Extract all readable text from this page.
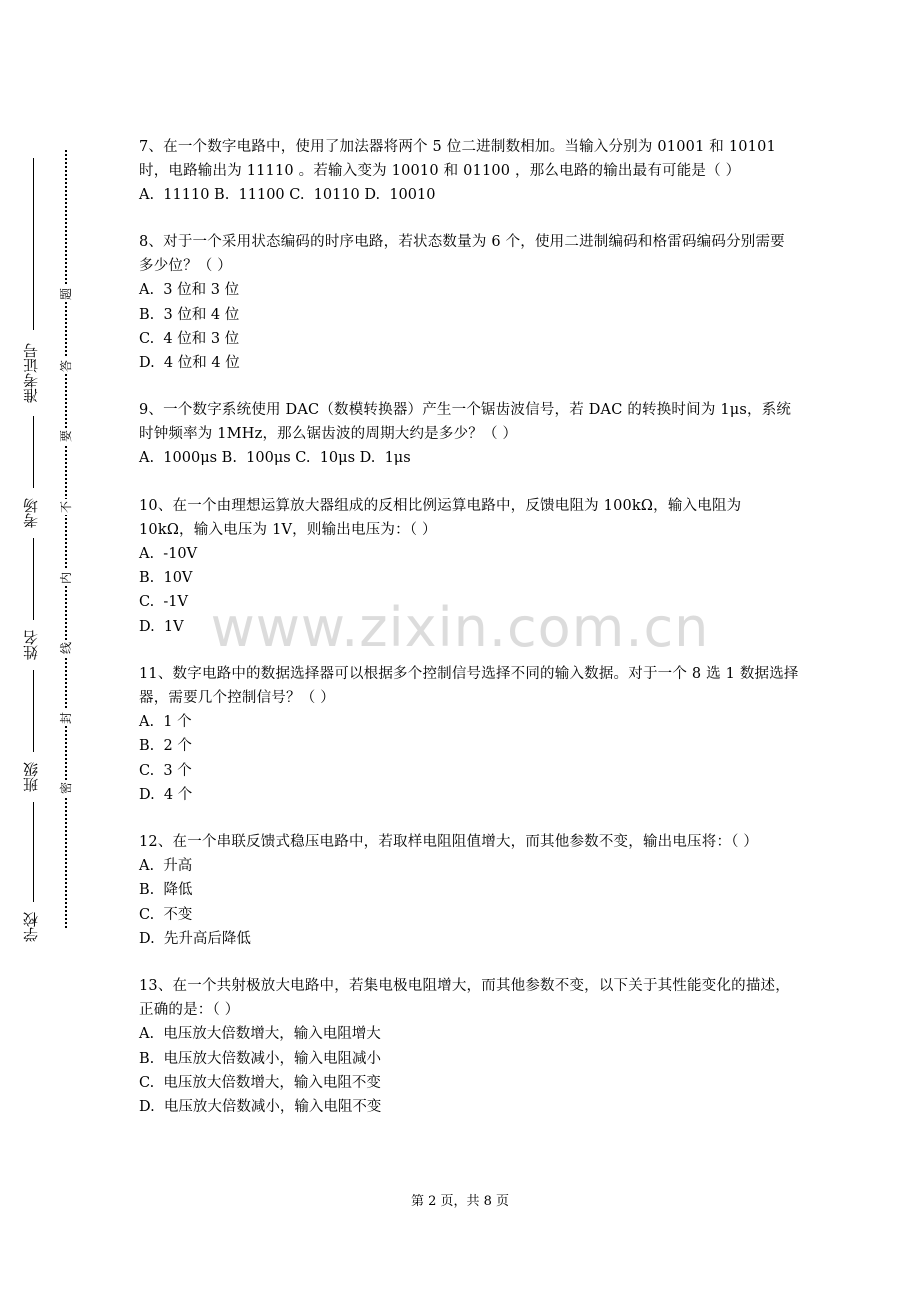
准考证号
考场
姓名
班级
学校
题
答
要
不
内
线
封
密
7、在一个数字电路中，使用了加法器将两个 5 位二进制数相加。当输入分别为 01001 和 10101 时，电路输出为 11110 。若输入变为 10010 和 01100 ，那么电路的输出最有可能是（ ）
A.  11110 B.  11100 C.  10110 D.  10010
8、对于一个采用状态编码的时序电路，若状态数量为 6 个，使用二进制编码和格雷码编码分别需要多少位？（ ）
A.  3 位和 3 位
B.  3 位和 4 位
C.  4 位和 3 位
D.  4 位和 4 位
9、一个数字系统使用 DAC（数模转换器）产生一个锯齿波信号，若 DAC 的转换时间为 1μs，系统时钟频率为 1MHz，那么锯齿波的周期大约是多少？（ ）
A.  1000μs B.  100μs C.  10μs D.  1μs
10、在一个由理想运算放大器组成的反相比例运算电路中，反馈电阻为 100kΩ，输入电阻为 10kΩ，输入电压为 1V，则输出电压为：（ ）
A.  -10V
B.  10V
C.  -1V
D.  1V
11、数字电路中的数据选择器可以根据多个控制信号选择不同的输入数据。对于一个 8 选 1 数据选择器，需要几个控制信号？（ ）
A.  1 个
B.  2 个
C.  3 个
D.  4 个
12、在一个串联反馈式稳压电路中，若取样电阻阻值增大，而其他参数不变，输出电压将：（ ）
A.  升高
B.  降低
C.  不变
D.  先升高后降低
13、在一个共射极放大电路中，若集电极电阻增大，而其他参数不变，以下关于其性能变化的描述，正确的是：（ ）
A.  电压放大倍数增大，输入电阻增大
B.  电压放大倍数减小，输入电阻减小
C.  电压放大倍数增大，输入电阻不变
D.  电压放大倍数减小，输入电阻不变
www.zixin.com.cn
第 2 页，共 8 页
